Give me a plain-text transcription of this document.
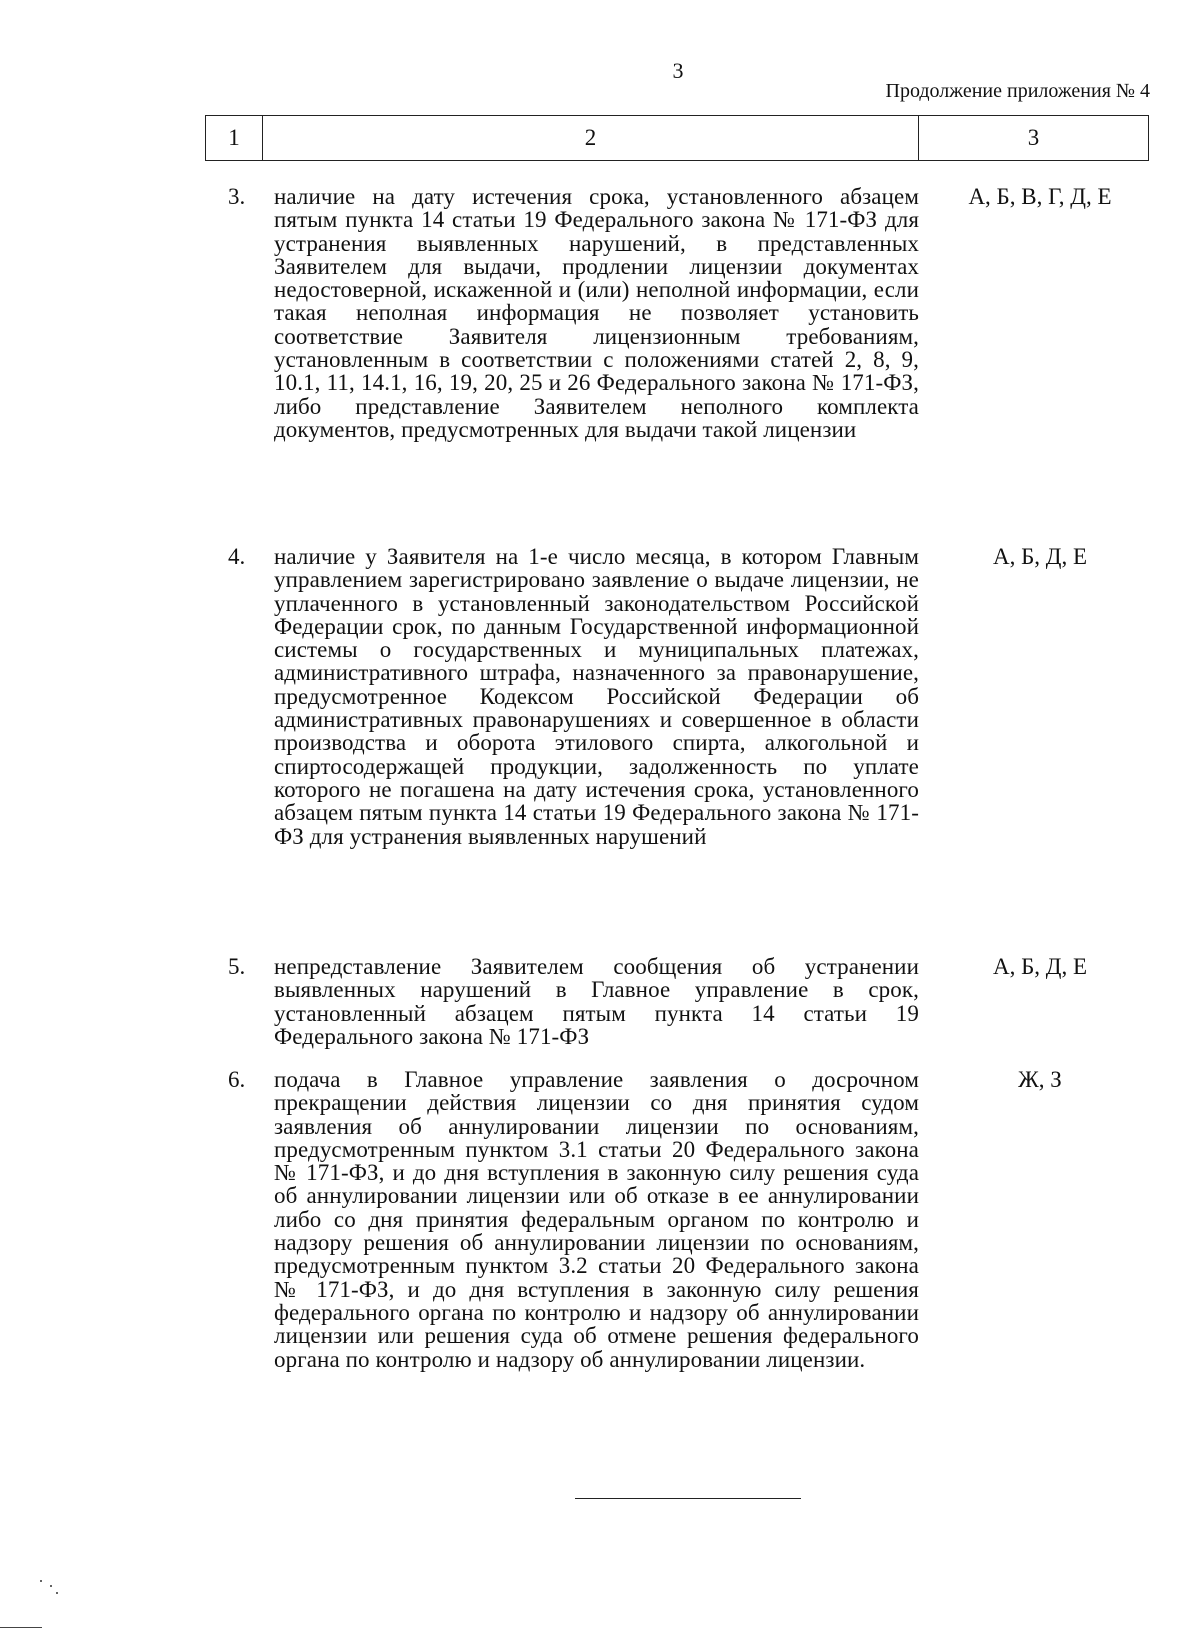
3
Продолжение приложения № 4
1	2	3
3. наличие на дату истечения срока, установленного абзацем пятым пункта 14 статьи 19 Федерального закона № 171-ФЗ для устранения выявленных нарушений, в представленных Заявителем для выдачи, продлении лицензии документах недостоверной, искаженной и (или) неполной информации, если такая неполная информация не позволяет установить соответствие Заявителя лицензионным требованиям, установленным в соответствии с положениями статей 2, 8, 9, 10.1, 11, 14.1, 16, 19, 20, 25 и 26 Федерального закона № 171-ФЗ, либо представление Заявителем неполного комплекта документов, предусмотренных для выдачи такой лицензии
А, Б, В, Г, Д, Е
4. наличие у Заявителя на 1-е число месяца, в котором Главным управлением зарегистрировано заявление о выдаче лицензии, не уплаченного в установленный законодательством Российской Федерации срок, по данным Государственной информационной системы о государственных и муниципальных платежах, административного штрафа, назначенного за правонарушение, предусмотренное Кодексом Российской Федерации об административных правонарушениях и совершенное в области производства и оборота этилового спирта, алкогольной и спиртосодержащей продукции, задолженность по уплате которого не погашена на дату истечения срока, установленного абзацем пятым пункта 14 статьи 19 Федерального закона № 171-ФЗ для устранения выявленных нарушений
А, Б, Д, Е
5. непредставление Заявителем сообщения об устранении выявленных нарушений в Главное управление в срок, установленный абзацем пятым пункта 14 статьи 19 Федерального закона № 171-ФЗ
А, Б, Д, Е
6. подача в Главное управление заявления о досрочном прекращении действия лицензии со дня принятия судом заявления об аннулировании лицензии по основаниям, предусмотренным пунктом 3.1 статьи 20 Федерального закона № 171-ФЗ, и до дня вступления в законную силу решения суда об аннулировании лицензии или об отказе в ее аннулировании либо со дня принятия федеральным органом по контролю и надзору решения об аннулировании лицензии по основаниям, предусмотренным пунктом 3.2 статьи 20 Федерального закона № 171-ФЗ, и до дня вступления в законную силу решения федерального органа по контролю и надзору об аннулировании лицензии или решения суда об отмене решения федерального органа по контролю и надзору об аннулировании лицензии.
Ж, З
